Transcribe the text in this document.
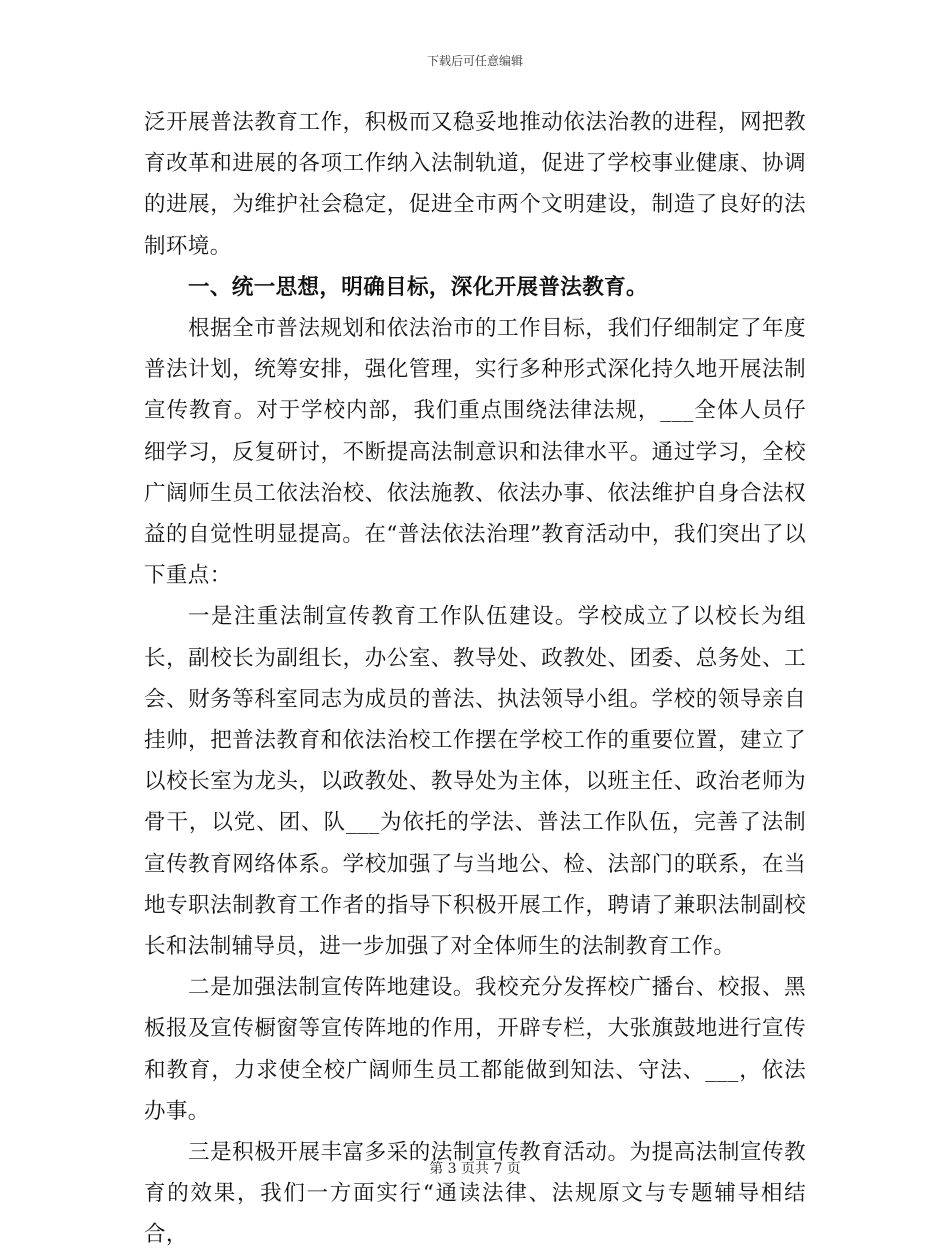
下载后可任意编辑

泛开展普法教育工作，积极而又稳妥地推动依法治教的进程，网把教育改革和进展的各项工作纳入法制轨道，促进了学校事业健康、协调的进展，为维护社会稳定，促进全市两个文明建设，制造了良好的法制环境。

一、统一思想，明确目标，深化开展普法教育。

根据全市普法规划和依法治市的工作目标，我们仔细制定了年度普法计划，统筹安排，强化管理，实行多种形式深化持久地开展法制宣传教育。对于学校内部，我们重点围绕法律法规，___全体人员仔细学习，反复研讨，不断提高法制意识和法律水平。通过学习，全校广阔师生员工依法治校、依法施教、依法办事、依法维护自身合法权益的自觉性明显提高。在“普法依法治理”教育活动中，我们突出了以下重点：

一是注重法制宣传教育工作队伍建设。学校成立了以校长为组长，副校长为副组长，办公室、教导处、政教处、团委、总务处、工会、财务等科室同志为成员的普法、执法领导小组。学校的领导亲自挂帅，把普法教育和依法治校工作摆在学校工作的重要位置，建立了以校长室为龙头，以政教处、教导处为主体，以班主任、政治老师为骨干，以党、团、队___为依托的学法、普法工作队伍，完善了法制宣传教育网络体系。学校加强了与当地公、检、法部门的联系，在当地专职法制教育工作者的指导下积极开展工作，聘请了兼职法制副校长和法制辅导员，进一步加强了对全体师生的法制教育工作。

二是加强法制宣传阵地建设。我校充分发挥校广播台、校报、黑板报及宣传橱窗等宣传阵地的作用，开辟专栏，大张旗鼓地进行宣传和教育，力求使全校广阔师生员工都能做到知法、守法、___，依法办事。

三是积极开展丰富多采的法制宣传教育活动。为提高法制宣传教育的效果，我们一方面实行“通读法律、法规原文与专题辅导相结合，

第 3 页共 7 页
